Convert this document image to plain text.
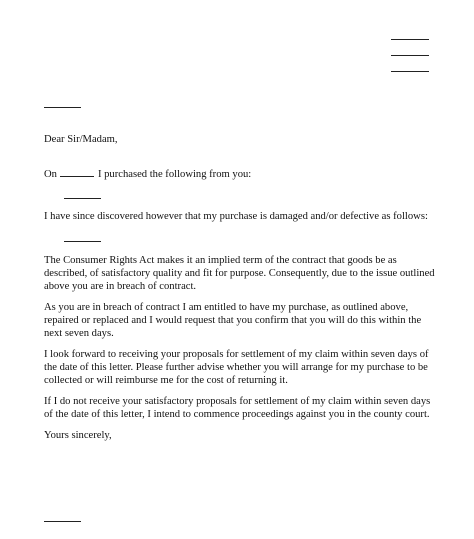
Dear Sir/Madam,

On	I purchased the following from you:

I have since discovered however that my purchase is damaged and/or defective as follows:

The Consumer Rights Act makes it an implied term of the contract that goods be as described, of satisfactory quality and fit for purpose. Consequently, due to the issue outlined above you are in breach of contract.

As you are in breach of contract I am entitled to have my purchase, as outlined above, repaired or replaced and I would request that you confirm that you will do this within the next seven days.

I look forward to receiving your proposals for settlement of my claim within seven days of the date of this letter. Please further advise whether you will arrange for my purchase to be collected or will reimburse me for the cost of returning it.

If I do not receive your satisfactory proposals for settlement of my claim within seven days of the date of this letter, I intend to commence proceedings against you in the county court.

Yours sincerely,
